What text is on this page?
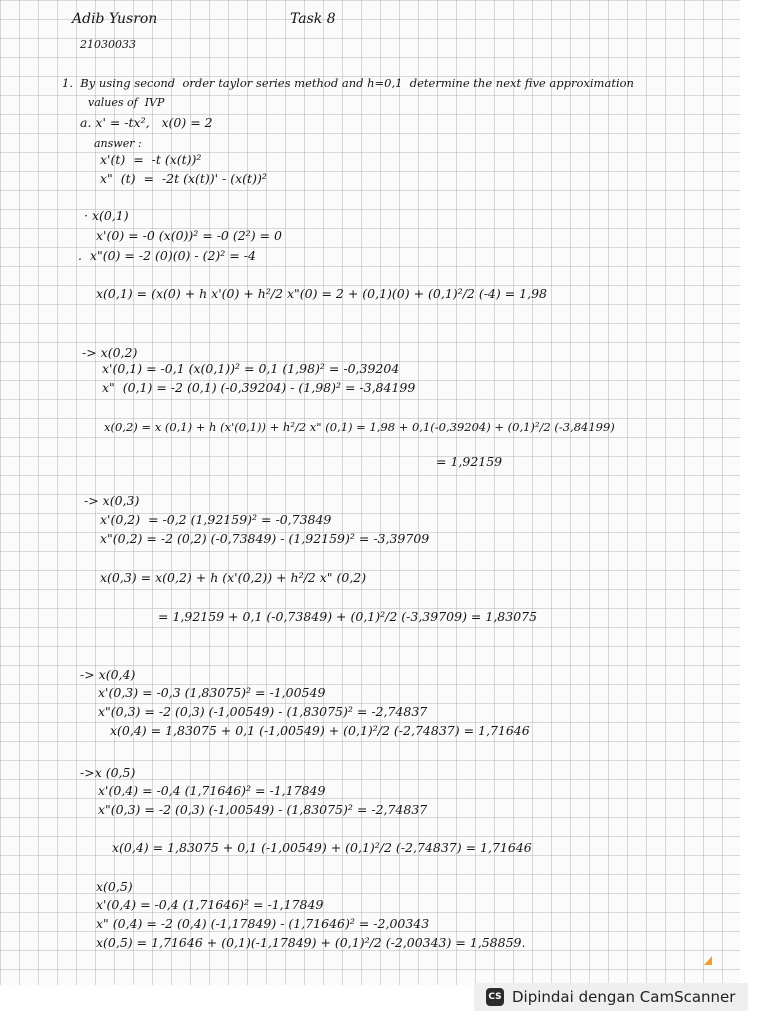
Adib Yusron	Task 8
21030033
1.  By using second  order taylor series method and h=0,1  determine the next five approximation
values of  IVP
a. x' = -tx²,   x(0) = 2
answer :
x'(t)  =  -t (x(t))²
x"  (t)  =  -2t (x(t))' - (x(t))²
· x(0,1)
x'(0) = -0 (x(0))² = -0 (2²) = 0
.  x"(0) = -2 (0)(0) - (2)² = -4
x(0,1) = (x(0) + h x'(0) + h²/2 x"(0) = 2 + (0,1)(0) + (0,1)²/2 (-4) = 1,98
-> x(0,2)
x'(0,1) = -0,1 (x(0,1))² = 0,1 (1,98)² = -0,39204
x"  (0,1) = -2 (0,1) (-0,39204) - (1,98)² = -3,84199
x(0,2) = x (0,1) + h (x'(0,1)) + h²/2 x" (0,1) = 1,98 + 0,1(-0,39204) + (0,1)²/2 (-3,84199)
= 1,92159
-> x(0,3)
x'(0,2)  = -0,2 (1,92159)² = -0,73849
x"(0,2) = -2 (0,2) (-0,73849) - (1,92159)² = -3,39709
x(0,3) = x(0,2) + h (x'(0,2)) + h²/2 x" (0,2)
= 1,92159 + 0,1 (-0,73849) + (0,1)²/2 (-3,39709) = 1,83075
-> x(0,4)
x'(0,3) = -0,3 (1,83075)² = -1,00549
x"(0,3) = -2 (0,3) (-1,00549) - (1,83075)² = -2,74837
x(0,4) = 1,83075 + 0,1 (-1,00549) + (0,1)²/2 (-2,74837) = 1,71646
->x (0,5)
x'(0,4) = -0,4 (1,71646)² = -1,17849
x"(0,3) = -2 (0,3) (-1,00549) - (1,83075)² = -2,74837
x(0,4) = 1,83075 + 0,1 (-1,00549) + (0,1)²/2 (-2,74837) = 1,71646
x(0,5)
x'(0,4) = -0,4 (1,71646)² = -1,17849
x" (0,4) = -2 (0,4) (-1,17849) - (1,71646)² = -2,00343
x(0,5) = 1,71646 + (0,1)(-1,17849) + (0,1)²/2 (-2,00343) = 1,58859.
CS Dipindai dengan CamScanner
